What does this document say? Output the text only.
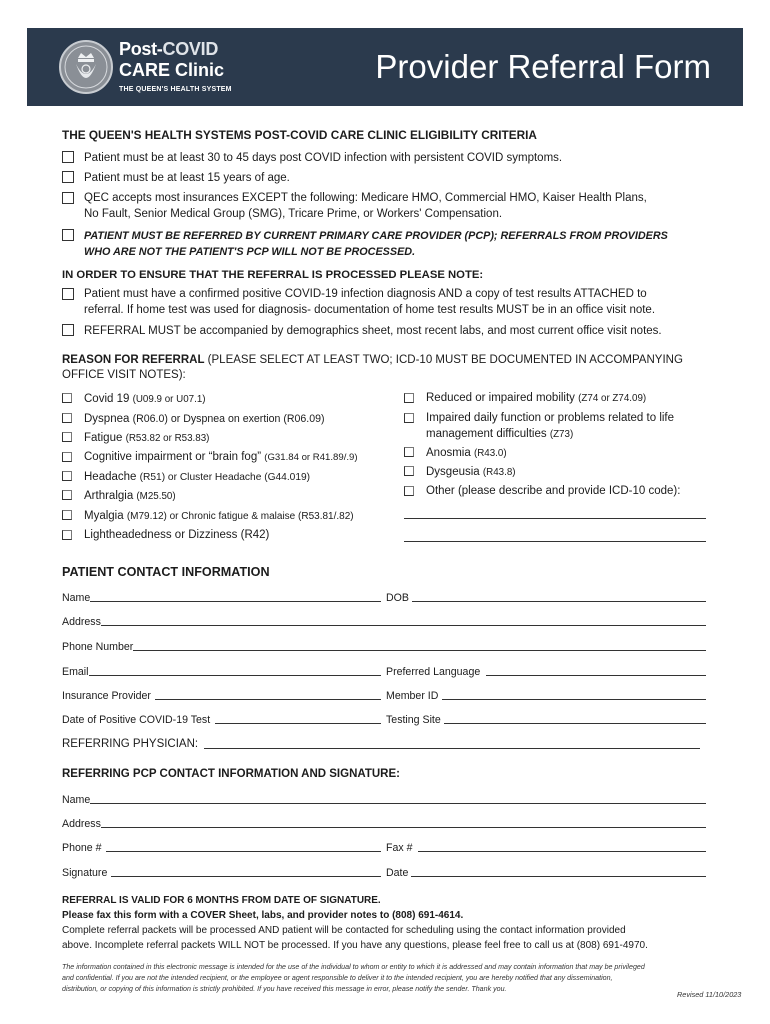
Post-COVID
CARE Clinic
THE QUEEN'S HEALTH SYSTEM
Provider Referral Form
THE QUEEN'S HEALTH SYSTEMS POST-COVID CARE CLINIC ELIGIBILITY CRITERIA
Patient must be at least 30 to 45 days post COVID infection with persistent COVID symptoms.
Patient must be at least 15 years of age.
QEC accepts most insurances EXCEPT the following: Medicare HMO, Commercial HMO, Kaiser Health Plans,
No Fault, Senior Medical Group (SMG), Tricare Prime, or Workers' Compensation.
PATIENT MUST BE REFERRED BY CURRENT PRIMARY CARE PROVIDER (PCP); REFERRALS FROM PROVIDERS
WHO ARE NOT THE PATIENT'S PCP WILL NOT BE PROCESSED.
IN ORDER TO ENSURE THAT THE REFERRAL IS PROCESSED PLEASE NOTE:
Patient must have a confirmed positive COVID-19 infection diagnosis AND a copy of test results ATTACHED to
referral. If home test was used for diagnosis- documentation of home test results MUST be in an office visit note.
REFERRAL MUST be accompanied by demographics sheet, most recent labs, and most current office visit notes.
REASON FOR REFERRAL (PLEASE SELECT AT LEAST TWO; ICD-10 MUST BE DOCUMENTED IN ACCOMPANYING
OFFICE VISIT NOTES):
Covid 19 (U09.9 or U07.1)
Dyspnea (R06.0) or Dyspnea on exertion (R06.09)
Fatigue (R53.82 or R53.83)
Cognitive impairment or “brain fog” (G31.84 or R41.89/.9)
Headache (R51) or Cluster Headache (G44.019)
Arthralgia (M25.50)
Myalgia (M79.12) or Chronic fatigue & malaise (R53.81/.82)
Lightheadedness or Dizziness (R42)
Reduced or impaired mobility (Z74 or Z74.09)
Impaired daily function or problems related to life
management difficulties (Z73)
Anosmia (R43.0)
Dysgeusia (R43.8)
Other (please describe and provide ICD-10 code):
PATIENT CONTACT INFORMATION
Name	DOB
Address
Phone Number
Email	Preferred Language
Insurance Provider	Member ID
Date of Positive COVID-19 Test	Testing Site
REFERRING PHYSICIAN:
REFERRING PCP CONTACT INFORMATION AND SIGNATURE:
Name
Address
Phone #	Fax #
Signature	Date
REFERRAL IS VALID FOR 6 MONTHS FROM DATE OF SIGNATURE.
Please fax this form with a COVER Sheet, labs, and provider notes to (808) 691-4614.
Complete referral packets will be processed AND patient will be contacted for scheduling using the contact information provided
above. Incomplete referral packets WILL NOT be processed. If you have any questions, please feel free to call us at (808) 691-4970.
The information contained in this electronic message is intended for the use of the individual to whom or entity to which it is addressed and may contain information that may be privileged
and confidential. If you are not the intended recipient, or the employee or agent responsible to deliver it to the intended recipient, you are hereby notified that any dissemination,
distribution, or copying of this information is strictly prohibited. If you have received this message in error, please notify the sender. Thank you.
Revised 11/10/2023
